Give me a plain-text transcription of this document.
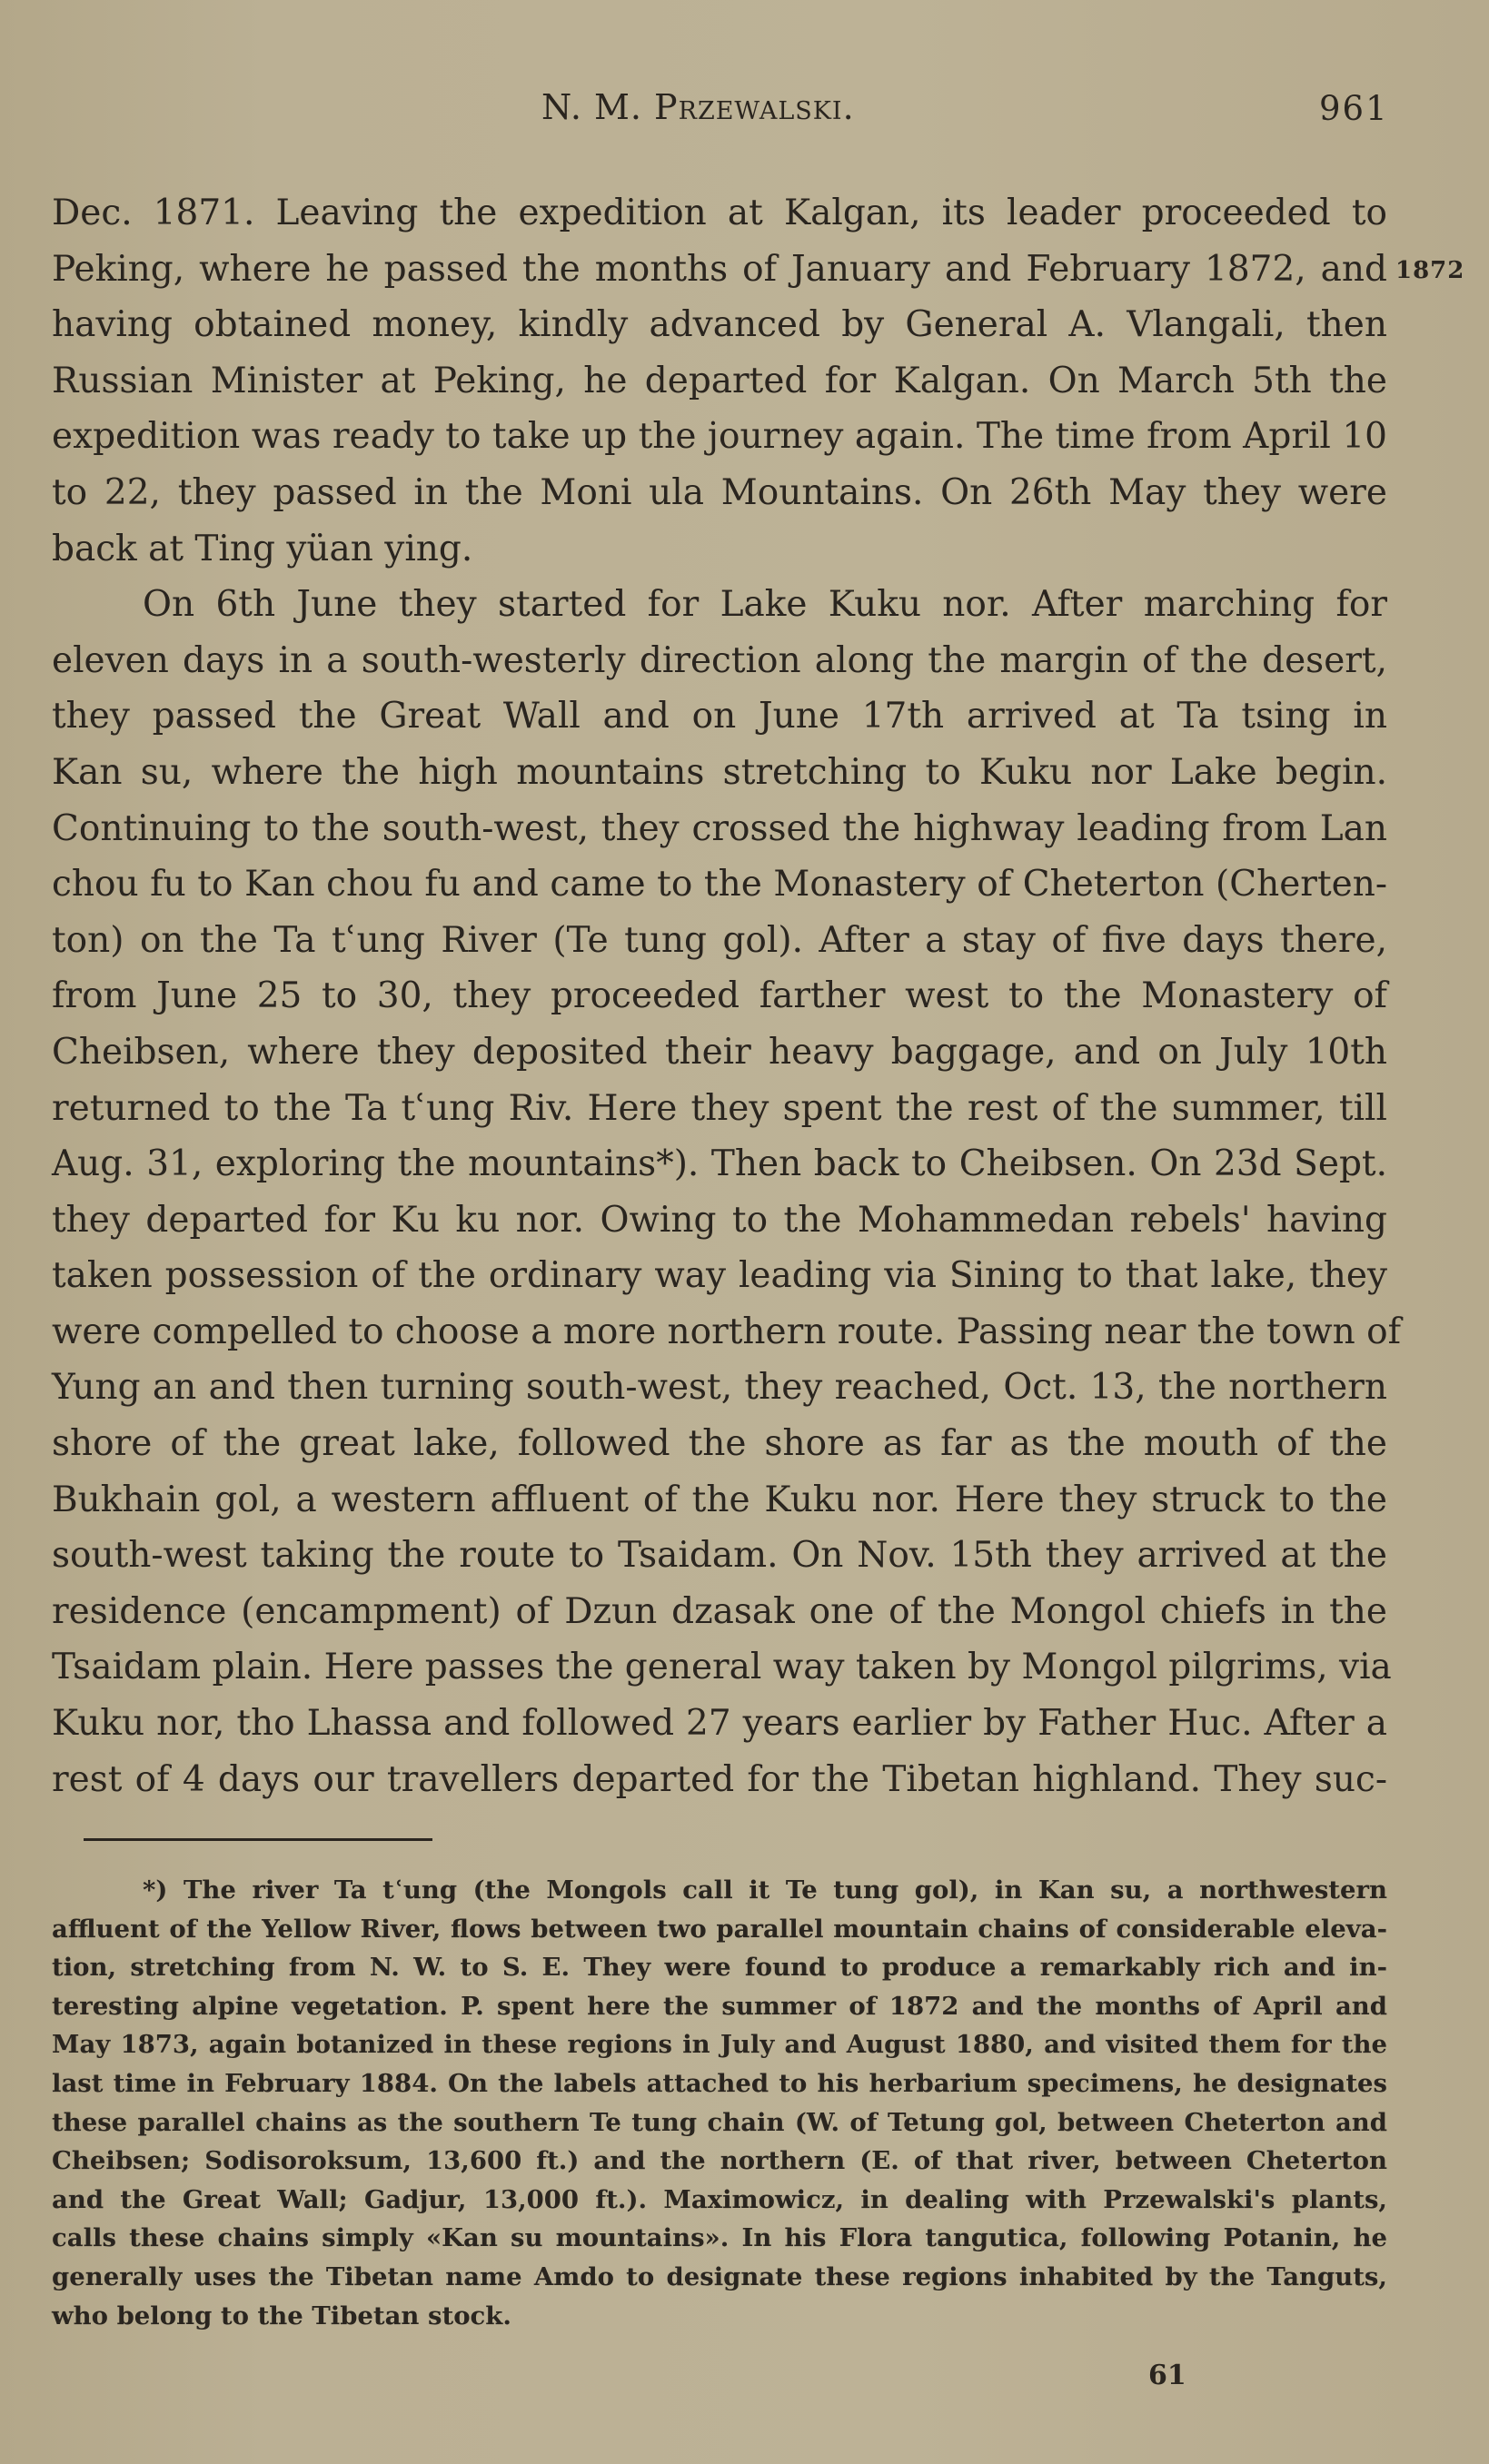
N. M. Przewalski.	961
1872
Dec. 1871. Leaving the expedition at Kalgan, its leader proceeded to
Peking, where he passed the months of January and February 1872, and
having obtained money, kindly advanced by General A. Vlangali, then
Russian Minister at Peking, he departed for Kalgan. On March 5th the
expedition was ready to take up the journey again. The time from April 10
to 22, they passed in the Moni ula Mountains. On 26th May they were
back at Ting yüan ying.
On 6th June they started for Lake Kuku nor. After marching for
eleven days in a south-westerly direction along the margin of the desert,
they passed the Great Wall and on June 17th arrived at Ta tsing in
Kan su, where the high mountains stretching to Kuku nor Lake begin.
Continuing to the south-west, they crossed the highway leading from Lan
chou fu to Kan chou fu and came to the Monastery of Cheterton (Cherten-
ton) on the Ta tʿung River (Te tung gol). After a stay of five days there,
from June 25 to 30, they proceeded farther west to the Monastery of
Cheibsen, where they deposited their heavy baggage, and on July 10th
returned to the Ta tʿung Riv. Here they spent the rest of the summer, till
Aug. 31, exploring the mountains*). Then back to Cheibsen. On 23d Sept.
they departed for Ku ku nor. Owing to the Mohammedan rebels' having
taken possession of the ordinary way leading via Sining to that lake, they
were compelled to choose a more northern route. Passing near the town of
Yung an and then turning south-west, they reached, Oct. 13, the northern
shore of the great lake, followed the shore as far as the mouth of the
Bukhain gol, a western affluent of the Kuku nor. Here they struck to the
south-west taking the route to Tsaidam. On Nov. 15th they arrived at the
residence (encampment) of Dzun dzasak one of the Mongol chiefs in the
Tsaidam plain. Here passes the general way taken by Mongol pilgrims, via
Kuku nor, tho Lhassa and followed 27 years earlier by Father Huc. After a
rest of 4 days our travellers departed for the Tibetan highland. They suc-
*) The river Ta tʿung (the Mongols call it Te tung gol), in Kan su, a northwestern
affluent of the Yellow River, flows between two parallel mountain chains of considerable eleva-
tion, stretching from N. W. to S. E. They were found to produce a remarkably rich and in-
teresting alpine vegetation. P. spent here the summer of 1872 and the months of April and
May 1873, again botanized in these regions in July and August 1880, and visited them for the
last time in February 1884. On the labels attached to his herbarium specimens, he designates
these parallel chains as the southern Te tung chain (W. of Tetung gol, between Cheterton and
Cheibsen; Sodisoroksum, 13,600 ft.) and the northern (E. of that river, between Cheterton
and the Great Wall; Gadjur, 13,000 ft.). Maximowicz, in dealing with Przewalski's plants,
calls these chains simply «Kan su mountains». In his Flora tangutica, following Potanin, he
generally uses the Tibetan name Amdo to designate these regions inhabited by the Tanguts,
who belong to the Tibetan stock.
61
